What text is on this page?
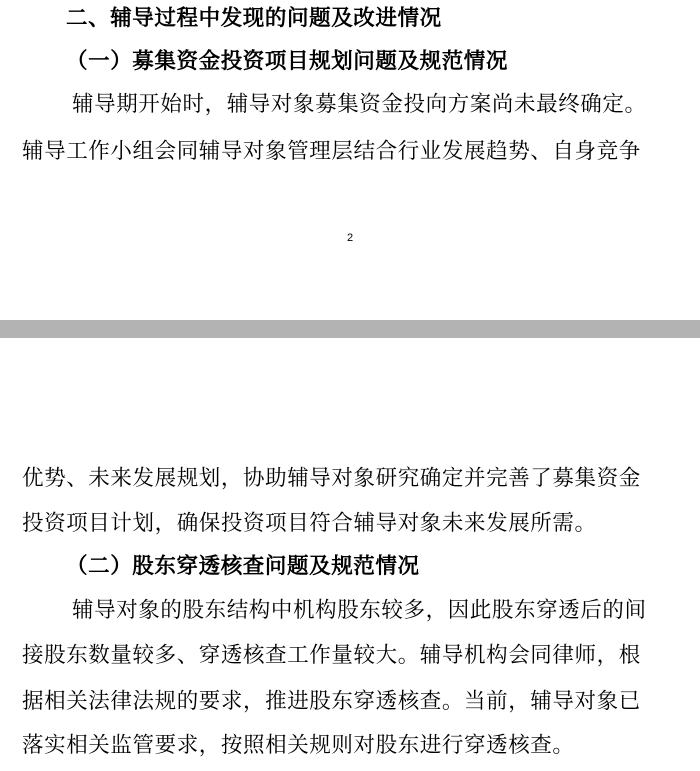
二、辅导过程中发现的问题及改进情况
（一）募集资金投资项目规划问题及规范情况
辅导期开始时，辅导对象募集资金投向方案尚未最终确定。
辅导工作小组会同辅导对象管理层结合行业发展趋势、自身竞争
2
优势、未来发展规划，协助辅导对象研究确定并完善了募集资金
投资项目计划，确保投资项目符合辅导对象未来发展所需。
（二）股东穿透核查问题及规范情况
辅导对象的股东结构中机构股东较多，因此股东穿透后的间
接股东数量较多、穿透核查工作量较大。辅导机构会同律师，根
据相关法律法规的要求，推进股东穿透核查。当前，辅导对象已
落实相关监管要求，按照相关规则对股东进行穿透核查。
